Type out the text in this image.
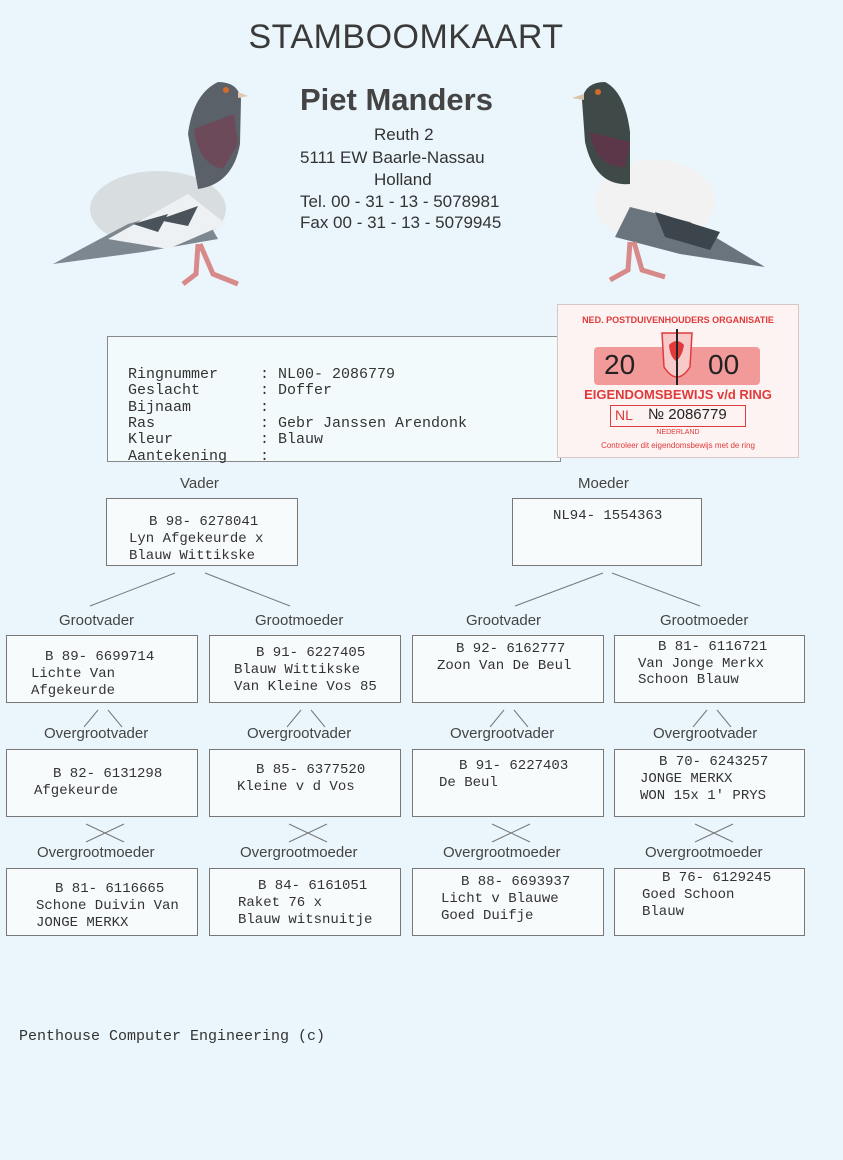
STAMBOOMKAART
Piet Manders
Reuth 2
5111 EW Baarle-Nassau
Holland
Tel. 00 - 31 - 13 - 5078981
Fax 00 - 31 - 13 - 5079945
Ringnummer	: NL00- 2086779
Geslacht	: Doffer
Bijnaam	:
Ras	: Gebr Janssen Arendonk
Kleur	: Blauw
Aantekening :
NED. POSTDUIVENHOUDERS ORGANISATIE
20	00
EIGENDOMSBEWIJS v/d RING
NL № 2086779
NEDERLAND
Controleer dit eigendomsbewijs met de ring
Vader	Moeder
B 98- 6278041
Lyn Afgekeurde x
Blauw Wittikske
NL94- 1554363
Grootvader	Grootmoeder	Grootvader	Grootmoeder
B 89- 6699714
Lichte Van
Afgekeurde
B 91- 6227405
Blauw Wittikske
Van Kleine Vos 85
B 92- 6162777
Zoon Van De Beul
B 81- 6116721
Van Jonge Merkx
Schoon Blauw
Overgrootvader	Overgrootvader	Overgrootvader	Overgrootvader
B 82- 6131298
Afgekeurde
B 85- 6377520
Kleine v d Vos
B 91- 6227403
De Beul
B 70- 6243257
JONGE MERKX
WON 15x 1' PRYS
Overgrootmoeder	Overgrootmoeder	Overgrootmoeder	Overgrootmoeder
B 81- 6116665
Schone Duivin Van
JONGE MERKX
B 84- 6161051
Raket 76 x
Blauw witsnuitje
B 88- 6693937
Licht v Blauwe
Goed Duifje
B 76- 6129245
Goed Schoon
Blauw
Penthouse Computer Engineering (c)
